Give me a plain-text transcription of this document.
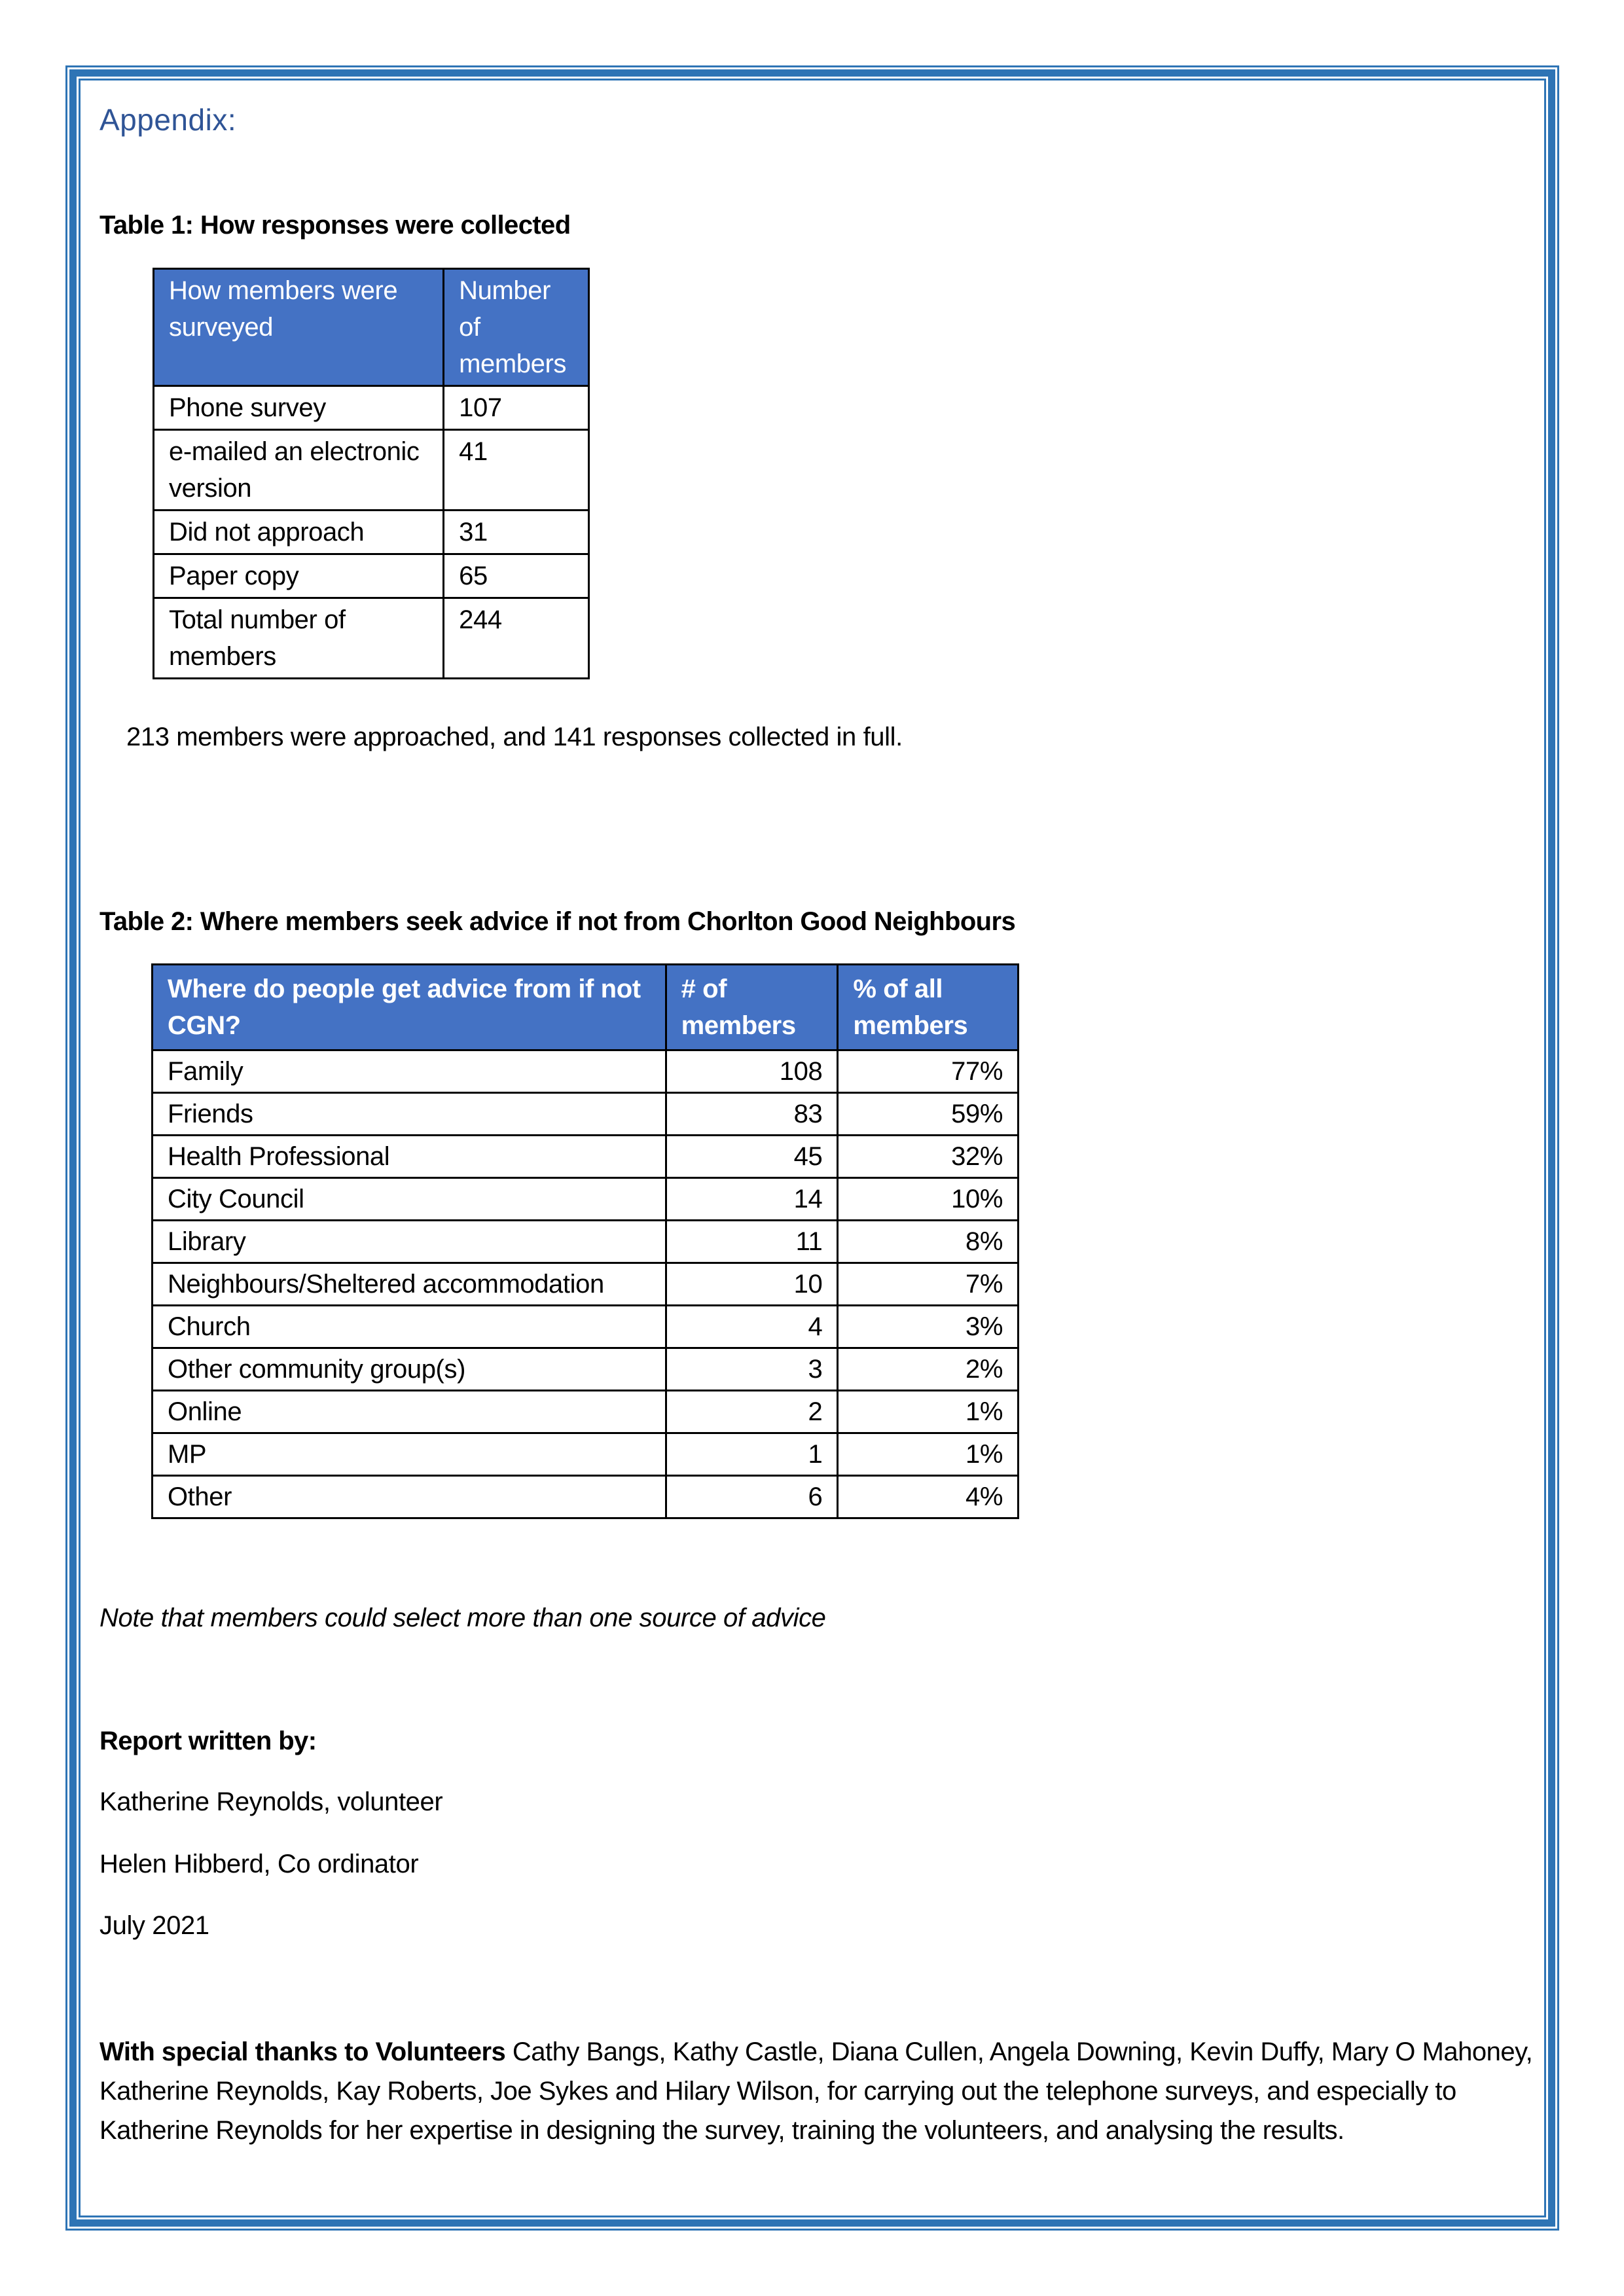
Appendix:
Table 1: How responses were collected
How members were surveyed	Number of members
Phone survey	107
e-mailed an electronic version	41
Did not approach	31
Paper copy	65
Total number of members	244
213 members were approached, and 141 responses collected in full.
Table 2: Where members seek advice if not from Chorlton Good Neighbours
Where do people get advice from if not CGN?	# of members	% of all members
Family	108	77%
Friends	83	59%
Health Professional	45	32%
City Council	14	10%
Library	11	8%
Neighbours/Sheltered accommodation	10	7%
Church	4	3%
Other community group(s)	3	2%
Online	2	1%
MP	1	1%
Other	6	4%
Note that members could select more than one source of advice
Report written by:
Katherine Reynolds, volunteer
Helen Hibberd, Co ordinator
July 2021
With special thanks to Volunteers Cathy Bangs, Kathy Castle, Diana Cullen, Angela Downing, Kevin Duffy, Mary O Mahoney, Katherine Reynolds, Kay Roberts, Joe Sykes and Hilary Wilson, for carrying out the telephone surveys, and especially to Katherine Reynolds for her expertise in designing the survey, training the volunteers, and analysing the results.
